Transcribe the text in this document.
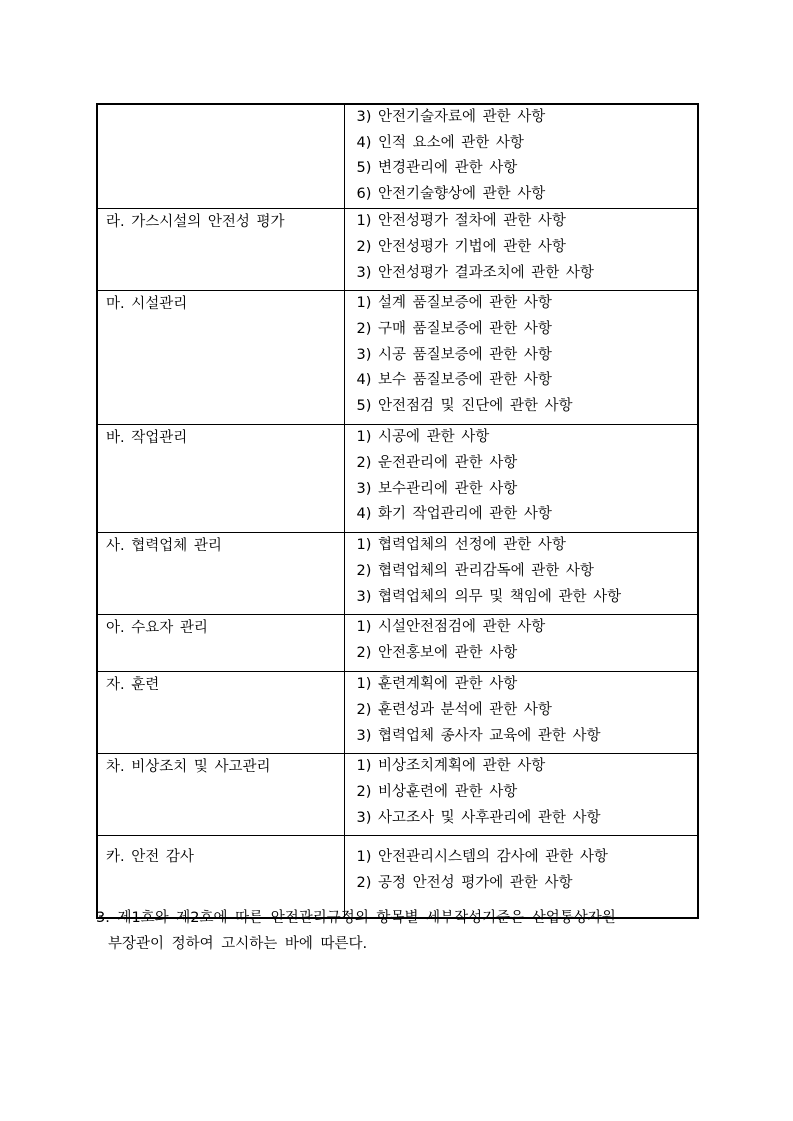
	3) 안전기술자료에 관한 사항
4) 인적 요소에 관한 사항
5) 변경관리에 관한 사항
6) 안전기술향상에 관한 사항

라. 가스시설의 안전성 평가	1) 안전성평가 절차에 관한 사항
2) 안전성평가 기법에 관한 사항
3) 안전성평가 결과조치에 관한 사항

마. 시설관리	1) 설계 품질보증에 관한 사항
2) 구매 품질보증에 관한 사항
3) 시공 품질보증에 관한 사항
4) 보수 품질보증에 관한 사항
5) 안전점검 및 진단에 관한 사항

바. 작업관리	1) 시공에 관한 사항
2) 운전관리에 관한 사항
3) 보수관리에 관한 사항
4) 화기 작업관리에 관한 사항

사. 협력업체 관리	1) 협력업체의 선정에 관한 사항
2) 협력업체의 관리감독에 관한 사항
3) 협력업체의 의무 및 책임에 관한 사항

아. 수요자 관리	1) 시설안전점검에 관한 사항
2) 안전홍보에 관한 사항

자. 훈련	1) 훈련계획에 관한 사항
2) 훈련성과 분석에 관한 사항
3) 협력업체 종사자 교육에 관한 사항

차. 비상조치 및 사고관리	1) 비상조치계획에 관한 사항
2) 비상훈련에 관한 사항
3) 사고조사 및 사후관리에 관한 사항

카. 안전 감사	1) 안전관리시스템의 감사에 관한 사항
2) 공정 안전성 평가에 관한 사항
3. 제1호와 제2호에 따른 안전관리규정의 항목별 세부작성기준은 산업통상자원
부장관이 정하여 고시하는 바에 따른다.
